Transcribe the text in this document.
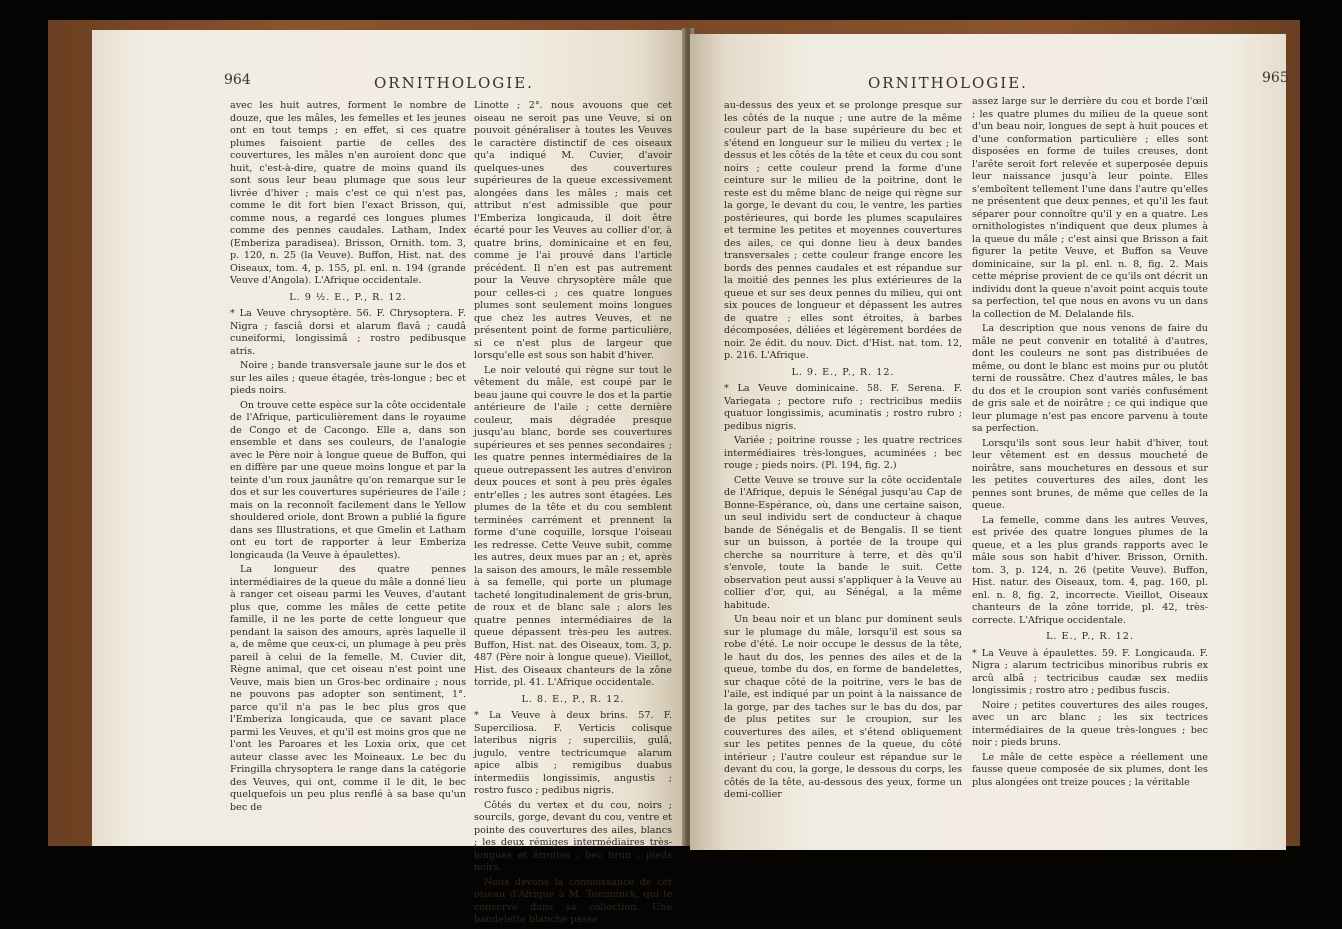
964	ORNITHOLOGIE.

avec les huit autres, forment le nombre de douze, que les mâles, les femelles et les jeunes ont en tout temps ; en effet, si ces quatre plumes faisoient partie de celles des couvertures, les mâles n'en auroient donc que huit, c'est-à-dire, quatre de moins quand ils sont sous leur beau plumage que sous leur livrée d'hiver ; mais c'est ce qui n'est pas, comme le dit fort bien l'exact Brisson, qui, comme nous, a regardé ces longues plumes comme des pennes caudales. Latham, Index (Emberiza paradisea). Brisson, Ornith. tom. 3, p. 120, n. 25 (la Veuve). Buffon, Hist. nat. des Oiseaux, tom. 4, p. 155, pl. enl. n. 194 (grande Veuve d'Angola). L'Afrique occidentale.

L. 9 ½. E., P., R. 12.

* La Veuve chrysoptère. 56. F. Chrysoptera. F. Nigra ; fasciâ dorsi et alarum flavâ ; caudâ cuneiformi, longissimâ ; rostro pedibusque atris.

Noire ; bande transversale jaune sur le dos et sur les ailes ; queue étagée, très-longue ; bec et pieds noirs.

On trouve cette espèce sur la côte occidentale de l'Afrique, particulièrement dans le royaume de Congo et de Cacongo. Elle a, dans son ensemble et dans ses couleurs, de l'analogie avec le Père noir à longue queue de Buffon, qui en diffère par une queue moins longue et par la teinte d'un roux jaunâtre qu'on remarque sur le dos et sur les couvertures supérieures de l'aile ; mais on la reconnoît facilement dans le Yellow shouldered oriole, dont Brown a publié la figure dans ses Illustrations, et que Gmelin et Latham ont eu tort de rapporter à leur Emberiza longicauda (la Veuve à épaulettes).

La longueur des quatre pennes intermédiaires de la queue du mâle a donné lieu à ranger cet oiseau parmi les Veuves, d'autant plus que, comme les mâles de cette petite famille, il ne les porte de cette longueur que pendant la saison des amours, après laquelle il a, de même que ceux-ci, un plumage à peu près pareil à celui de la femelle. M. Cuvier dit, Règne animal, que cet oiseau n'est point une Veuve, mais bien un Gros-bec ordinaire ; nous ne pouvons pas adopter son sentiment, 1°. parce qu'il n'a pas le bec plus gros que l'Emberiza longicauda, que ce savant place parmi les Veuves, et qu'il est moins gros que ne l'ont les Paroares et les Loxia orix, que cet auteur classe avec les Moineaux. Le bec du Fringilla chrysoptera le range dans la catégorie des Veuves, qui ont, comme il le dit, le bec quelquefois un peu plus renflé à sa base qu'un bec de

Linotte ; 2°. nous avouons que cet oiseau ne seroit pas une Veuve, si on pouvoit généraliser à toutes les Veuves le caractère distinctif de ces oiseaux qu'a indiqué M. Cuvier, d'avoir quelques-unes des couvertures supérieures de la queue excessivement alongées dans les mâles ; mais cet attribut n'est admissible que pour l'Emberiza longicauda, il doit être écarté pour les Veuves au collier d'or, à quatre brins, dominicaine et en feu, comme je l'ai prouvé dans l'article précédent. Il n'en est pas autrement pour la Veuve chrysoptère mâle que pour celles-ci ; ces quatre longues plumes sont seulement moins longues que chez les autres Veuves, et ne présentent point de forme particulière, si ce n'est plus de largeur que lorsqu'elle est sous son habit d'hiver.

Le noir velouté qui règne sur tout le vêtement du mâle, est coupé par le beau jaune qui couvre le dos et la partie antérieure de l'aile ; cette dernière couleur, mais dégradée presque jusqu'au blanc, borde ses couvertures supérieures et ses pennes secondaires ; les quatre pennes intermédiaires de la queue outrepassent les autres d'environ deux pouces et sont à peu près égales entr'elles ; les autres sont étagées. Les plumes de la tête et du cou semblent terminées carrément et prennent la forme d'une coquille, lorsque l'oiseau les redresse. Cette Veuve subit, comme les autres, deux mues par an ; et, après la saison des amours, le mâle ressemble à sa femelle, qui porte un plumage tacheté longitudinalement de gris-brun, de roux et de blanc sale ; alors les quatre pennes intermédiaires de la queue dépassent très-peu les autres. Buffon, Hist. nat. des Oiseaux, tom. 3, p. 487 (Père noir à longue queue). Vieillot, Hist. des Oiseaux chanteurs de la zône torride, pl. 41. L'Afrique occidentale.

L. 8. E., P., R. 12.

* La Veuve à deux brins. 57. F. Superciliosa. F. Verticis colisque lateribus nigris ; superciliis, gulâ, jugulo, ventre tectricumque alarum apice albis ; remigibus duabus intermediis longissimis, angustis ; rostro fusco ; pedibus nigris.

Côtés du vertex et du cou, noirs ; sourcils, gorge, devant du cou, ventre et pointe des couvertures des ailes, blancs ; les deux rémiges intermédiaires très-longues et étroites ; bec brun ; pieds noirs.

Nous devons la connoissance de cet oiseau d'Afrique à M. Temminck, qui le conserve dans sa collection. Une bandelette blanche passe

ORNITHOLOGIE.	965

au-dessus des yeux et se prolonge presque sur les côtés de la nuque ; une autre de la même couleur part de la base supérieure du bec et s'étend en longueur sur le milieu du vertex ; le dessus et les côtés de la tête et ceux du cou sont noirs ; cette couleur prend la forme d'une ceinture sur le milieu de la poitrine, dont le reste est du même blanc de neige qui règne sur la gorge, le devant du cou, le ventre, les parties postérieures, qui borde les plumes scapulaires et termine les petites et moyennes couvertures des ailes, ce qui donne lieu à deux bandes transversales ; cette couleur frange encore les bords des pennes caudales et est répandue sur la moitié des pennes les plus extérieures de la queue et sur ses deux pennes du milieu, qui ont six pouces de longueur et dépassent les autres de quatre ; elles sont étroites, à barbes décomposées, déliées et légèrement bordées de noir. 2e édit. du nouv. Dict. d'Hist. nat. tom. 12, p. 216. L'Afrique.

L. 9. E., P., R. 12.

* La Veuve dominicaine. 58. F. Serena. F. Variegata ; pectore rufo ; rectricibus mediis quatuor longissimis, acuminatis ; rostro rubro ; pedibus nigris.

Variée ; poitrine rousse ; les quatre rectrices intermédiaires très-longues, acuminées ; bec rouge ; pieds noirs. (Pl. 194, fig. 2.)

Cette Veuve se trouve sur la côte occidentale de l'Afrique, depuis le Sénégal jusqu'au Cap de Bonne-Espérance, où, dans une certaine saison, un seul individu sert de conducteur à chaque bande de Sénégalis et de Bengalis. Il se tient sur un buisson, à portée de la troupe qui cherche sa nourriture à terre, et dès qu'il s'envole, toute la bande le suit. Cette observation peut aussi s'appliquer à la Veuve au collier d'or, qui, au Sénégal, a la même habitude.

Un beau noir et un blanc pur dominent seuls sur le plumage du mâle, lorsqu'il est sous sa robe d'été. Le noir occupe le dessus de la tête, le haut du dos, les pennes des ailes et de la queue, tombe du dos, en forme de bandelettes, sur chaque côté de la poitrine, vers le bas de l'aile, est indiqué par un point à la naissance de la gorge, par des taches sur le bas du dos, par de plus petites sur le croupion, sur les couvertures des ailes, et s'étend obliquement sur les petites pennes de la queue, du côté intérieur ; l'autre couleur est répandue sur le devant du cou, la gorge, le dessous du corps, les côtés de la tête, au-dessous des yeux, forme un demi-collier

assez large sur le derrière du cou et borde l'œil ; les quatre plumes du milieu de la queue sont d'un beau noir, longues de sept à huit pouces et d'une conformation particulière ; elles sont disposées en forme de tuiles creuses, dont l'arête seroit fort relevée et superposée depuis leur naissance jusqu'à leur pointe. Elles s'emboîtent tellement l'une dans l'autre qu'elles ne présentent que deux pennes, et qu'il les faut séparer pour connoître qu'il y en a quatre. Les ornithologistes n'indiquent que deux plumes à la queue du mâle ; c'est ainsi que Brisson a fait figurer la petite Veuve, et Buffon sa Veuve dominicaine, sur la pl. enl. n. 8, fig. 2. Mais cette méprise provient de ce qu'ils ont décrit un individu dont la queue n'avoit point acquis toute sa perfection, tel que nous en avons vu un dans la collection de M. Delalande fils.

La description que nous venons de faire du mâle ne peut convenir en totalité à d'autres, dont les couleurs ne sont pas distribuées de même, ou dont le blanc est moins pur ou plutôt terni de roussâtre. Chez d'autres mâles, le bas du dos et le croupion sont variés confusément de gris sale et de noirâtre ; ce qui indique que leur plumage n'est pas encore parvenu à toute sa perfection.

Lorsqu'ils sont sous leur habit d'hiver, tout leur vêtement est en dessus moucheté de noirâtre, sans mouchetures en dessous et sur les petites couvertures des ailes, dont les pennes sont brunes, de même que celles de la queue.

La femelle, comme dans les autres Veuves, est privée des quatre longues plumes de la queue, et a les plus grands rapports avec le mâle sous son habit d'hiver. Brisson, Ornith. tom. 3, p. 124, n. 26 (petite Veuve). Buffon, Hist. natur. des Oiseaux, tom. 4, pag. 160, pl. enl. n. 8, fig. 2, incorrecte. Vieillot, Oiseaux chanteurs de la zône torride, pl. 42, très-correcte. L'Afrique occidentale.

L. E., P., R. 12.

* La Veuve à épaulettes. 59. F. Longicauda. F. Nigra ; alarum tectricibus minoribus rubris ex arcû albâ ; tectricibus caudæ sex mediis longissimis ; rostro atro ; pedibus fuscis.

Noire ; petites couvertures des ailes rouges, avec un arc blanc ; les six tectrices intermédiaires de la queue très-longues ; bec noir ; pieds bruns.

Le mâle de cette espèce a réellement une fausse queue composée de six plumes, dont les plus alongées ont treize pouces ; la véritable
